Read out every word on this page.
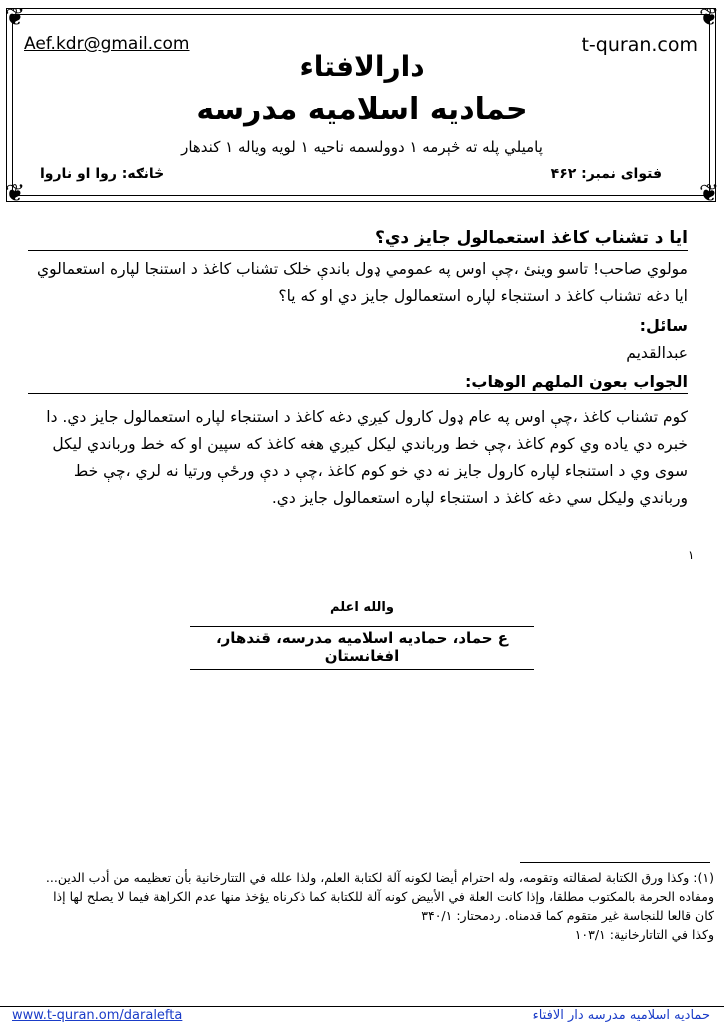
❦	❦
❦	❦
Aef.kdr@gmail.com	t-quran.com
دارالافتاء
حمادیه اسلامیه مدرسه
پامیلي پله ته څېرمه ۱ دوولسمه ناحیه ۱ لویه ویاله ۱ کندهار
فتوای نمبر: ۴۶۲
څانګه: روا او ناروا
ایا د تشناب کاغذ استعمالول جایز دي؟
مولوي صاحب! تاسو وینئ ،چې اوس په عمومي ډول باندې خلک تشناب کاغذ د استنجا لپاره استعمالوي ایا دغه تشناب کاغذ د استنجاء لپاره استعمالول جایز دي او که یا؟
سائل:
عبدالقدیم
الجواب بعون الملهم الوهاب:
کوم تشناب کاغذ ،چې اوس په عام ډول کارول کیږي دغه کاغذ د استنجاء لپاره استعمالول جایز دي. دا خبره دي یاده وي کوم کاغذ ،چې خط ورباندي لیکل کیږي هغه کاغذ که سپین او که خط ورباندي لیکل سوی وي د استنجاء لپاره کارول جایز نه دي خو کوم کاغذ ،چې د دې ورځې ورتیا نه لري ،چې خط ورباندي ولیکل سي دغه کاغذ د استنجاء لپاره استعمالول جایز دي.
۱
والله اعلم
ع حماد، حمادیه اسلامیه مدرسه، قندهار، افغانستان
(۱): وكذا ورق الكتابة لصقالته وتقومه، وله احترام أيضا لكونه آلة لكتابة العلم، ولذا علله في التتارخانية بأن تعظيمه من أدب الدين...
ومفاده الحرمة بالمكتوب مطلقا، وإذا كانت العلة في الأبيض كونه آلة للكتابة كما ذكرناه يؤخذ منها عدم الكراهة فيما لا يصلح لها إذا
كان قالعا للنجاسة غير متقوم كما قدمناه. ردمحتار: ۳۴۰/۱
وكذا في التاتارخانية: ۱۰۳/۱
www.t-quran.om/daralefta	حمادیه اسلامیه مدرسه دار الافتاء
